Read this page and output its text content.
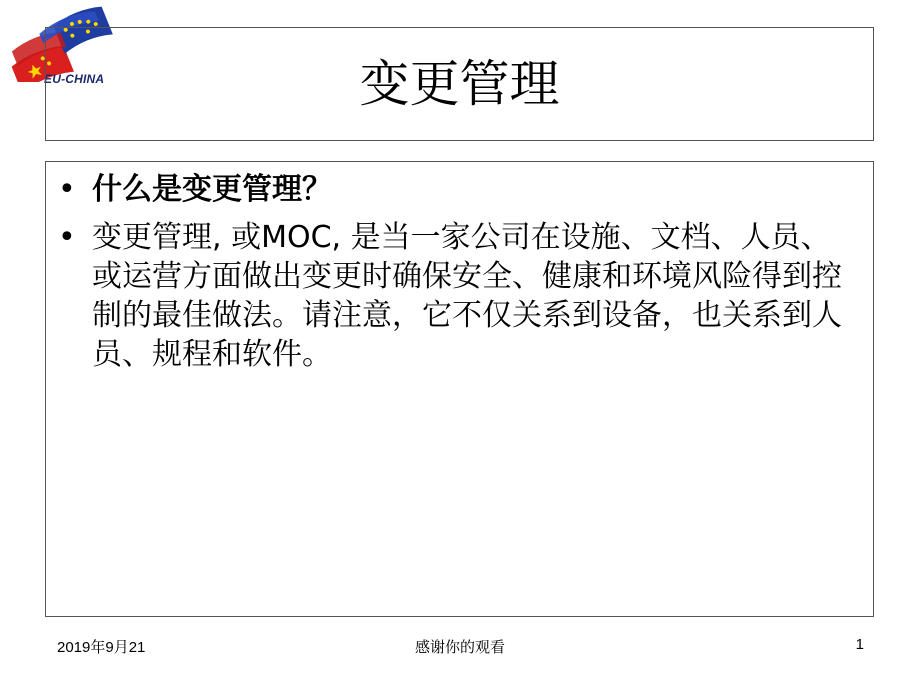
EU-CHINA	变更管理
• 什么是变更管理？
• 变更管理, 或MOC, 是当一家公司在设施、文档、人员、或运营方面做出变更时确保安全、健康和环境风险得到控制的最佳做法。请注意，它不仅关系到设备，也关系到人员、规程和软件。
2019年9月21	感谢你的观看	1
